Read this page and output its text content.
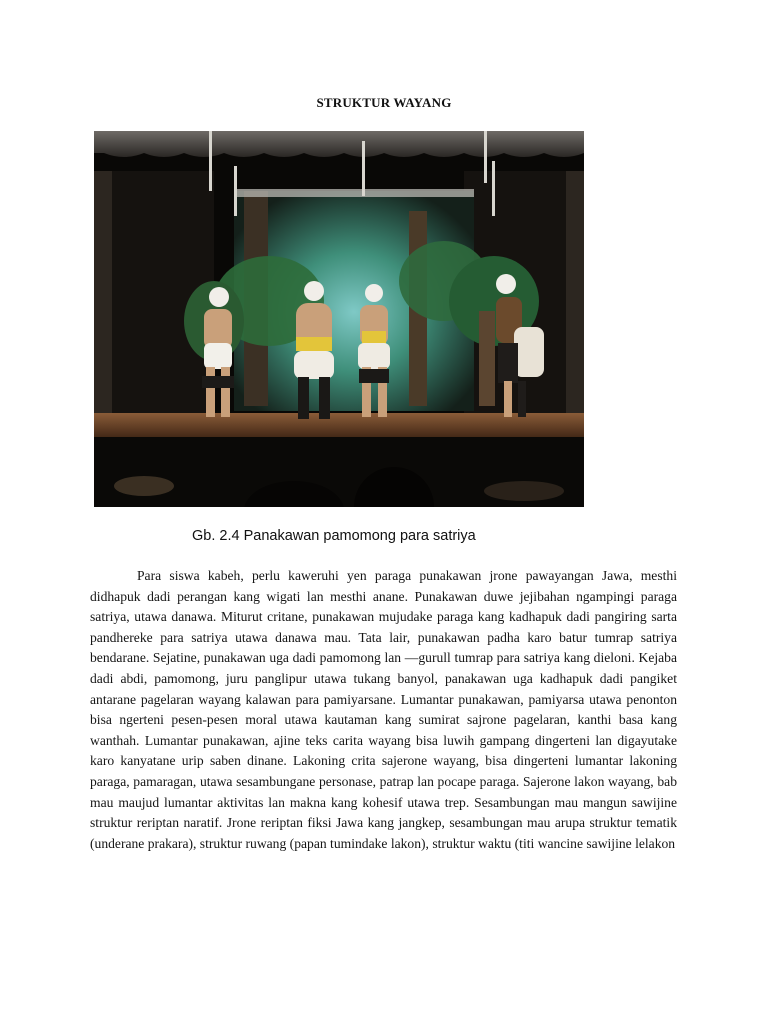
STRUKTUR WAYANG
Gb. 2.4 Panakawan pamomong para satriya

Para siswa kabeh, perlu kaweruhi yen paraga punakawan jrone pawayangan Jawa, mesthi didhapuk dadi perangan kang wigati lan mesthi anane. Punakawan duwe jejibahan ngampingi paraga satriya, utawa danawa. Miturut critane, punakawan mujudake paraga kang kadhapuk dadi pangiring sarta pandhereke para satriya utawa danawa mau. Tata lair, punakawan padha karo batur tumrap satriya bendarane. Sejatine, punakawan uga dadi pamomong lan —gurull tumrap para satriya kang dieloni. Kejaba dadi abdi, pamomong, juru panglipur utawa tukang banyol, panakawan uga kadhapuk dadi pangiket antarane pagelaran wayang kalawan para pamiyarsane. Lumantar punakawan, pamiyarsa utawa penonton bisa ngerteni pesen-pesen moral utawa kautaman kang sumirat sajrone pagelaran, kanthi basa kang wanthah. Lumantar punakawan, ajine teks carita wayang bisa luwih gampang dingerteni lan digayutake karo kanyatane urip saben dinane. Lakoning crita sajerone wayang, bisa dingerteni lumantar lakoning paraga, pamaragan, utawa sesambungane personase, patrap lan pocape paraga. Sajerone lakon wayang, bab mau maujud lumantar aktivitas lan makna kang kohesif utawa trep. Sesambungan mau mangun sawijine struktur reriptan naratif. Jrone reriptan fiksi Jawa kang jangkep, sesambungan mau arupa struktur tematik (underane prakara), struktur ruwang (papan tumindake lakon), struktur waktu (titi wancine sawijine lelakon
